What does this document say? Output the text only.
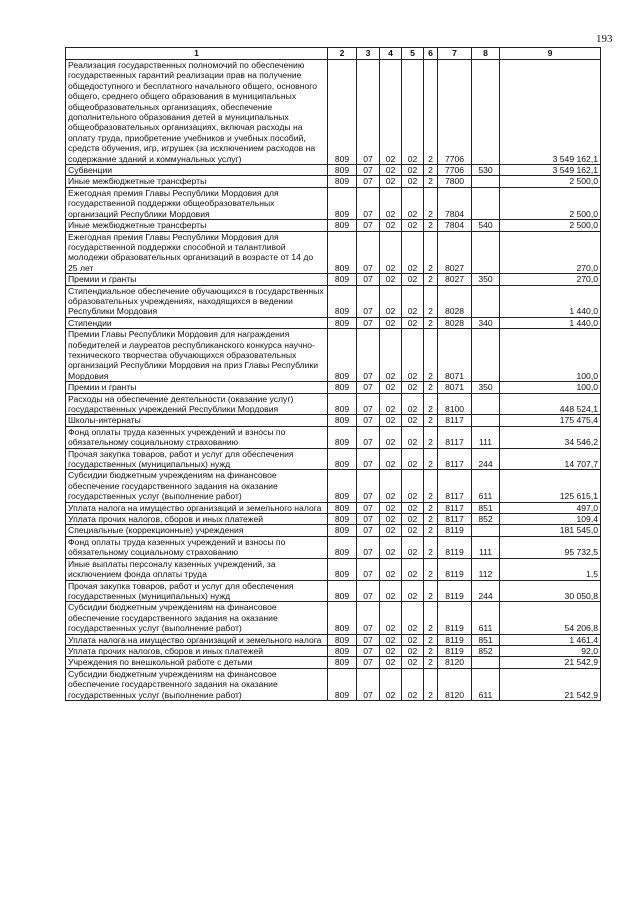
193
1	2	3	4	5	6	7	8	9
Реализация государственных полномочий по обеспечению государственных гарантий реализации прав на получение общедоступного и бесплатного начального общего, основного общего, среднего общего образования в муниципальных общеобразовательных организациях, обеспечение дополнительного образования детей в муниципальных общеобразовательных организациях, включая расходы на оплату труда, приобретение учебников и учебных пособий, средств обучения, игр, игрушек (за исключением расходов на содержание зданий и коммунальных услуг)	809	07	02	02	2	7706		3 549 162,1
Субвенции	809	07	02	02	2	7706	530	3 549 162,1
Иные межбюджетные трансферты	809	07	02	02	2	7800		2 500,0
Ежегодная премия Главы Республики Мордовия для государственной поддержки общеобразовательных организаций Республики Мордовия	809	07	02	02	2	7804		2 500,0
Иные межбюджетные трансферты	809	07	02	02	2	7804	540	2 500,0
Ежегодная премия Главы Республики Мордовия для государственной поддержки способной и талантливой молодежи образовательных организаций в возрасте от 14 до 25 лет	809	07	02	02	2	8027		270,0
Премии и гранты	809	07	02	02	2	8027	350	270,0
Стипендиальное обеспечение обучающихся в государственных образовательных учреждениях, находящихся в ведении Республики Мордовия	809	07	02	02	2	8028		1 440,0
Стипендии	809	07	02	02	2	8028	340	1 440,0
Премии Главы Республики Мордовия для награждения победителей и лауреатов республиканского конкурса научно-технического творчества обучающихся образовательных организаций Республики Мордовия на приз Главы Республики Мордовия	809	07	02	02	2	8071		100,0
Премии и гранты	809	07	02	02	2	8071	350	100,0
Расходы на обеспечение деятельности (оказание услуг) государственных учреждений Республики Мордовия	809	07	02	02	2	8100		448 524,1
Школы-интернаты	809	07	02	02	2	8117		175 475,4
Фонд оплаты труда казенных учреждений и взносы по обязательному социальному страхованию	809	07	02	02	2	8117	111	34 546,2
Прочая закупка товаров, работ и услуг для обеспечения государственных (муниципальных) нужд	809	07	02	02	2	8117	244	14 707,7
Субсидии бюджетным учреждениям на финансовое обеспечение государственного задания на оказание государственных услуг (выполнение работ)	809	07	02	02	2	8117	611	125 615,1
Уплата налога на имущество организаций и земельного налога	809	07	02	02	2	8117	851	497,0
Уплата прочих налогов, сборов и иных платежей	809	07	02	02	2	8117	852	109,4
Специальные (коррекционные) учреждения	809	07	02	02	2	8119		181 545,0
Фонд оплаты труда казенных учреждений и взносы по обязательному социальному страхованию	809	07	02	02	2	8119	111	95 732,5
Иные выплаты персоналу казенных учреждений, за исключением фонда оплаты труда	809	07	02	02	2	8119	112	1,5
Прочая закупка товаров, работ и услуг для обеспечения государственных (муниципальных) нужд	809	07	02	02	2	8119	244	30 050,8
Субсидии бюджетным учреждениям на финансовое обеспечение государственного задания на оказание государственных услуг (выполнение работ)	809	07	02	02	2	8119	611	54 206,8
Уплата налога на имущество организаций и земельного налога	809	07	02	02	2	8119	851	1 461,4
Уплата прочих налогов, сборов и иных платежей	809	07	02	02	2	8119	852	92,0
Учреждения по внешкольной работе с детьми	809	07	02	02	2	8120		21 542,9
Субсидии бюджетным учреждениям на финансовое обеспечение государственного задания на оказание государственных услуг (выполнение работ)	809	07	02	02	2	8120	611	21 542,9
